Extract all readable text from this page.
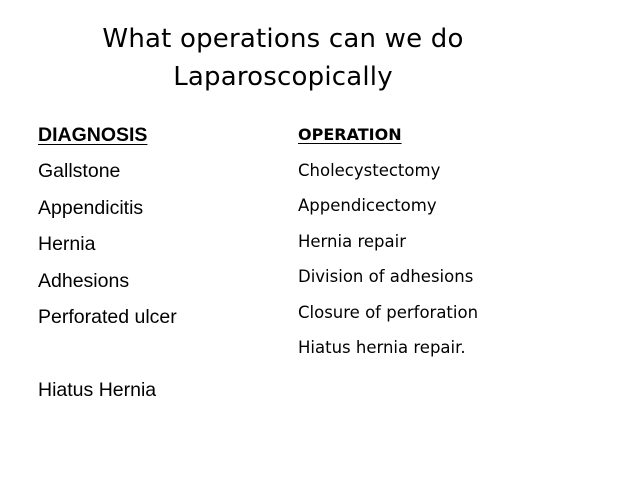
What operations can we do
Laparoscopically
DIAGNOSIS
Gallstone
Appendicitis
Hernia
Adhesions
Perforated ulcer
Hiatus Hernia
OPERATION
Cholecystectomy
Appendicectomy
Hernia repair
Division of adhesions
Closure of perforation
Hiatus hernia repair.
